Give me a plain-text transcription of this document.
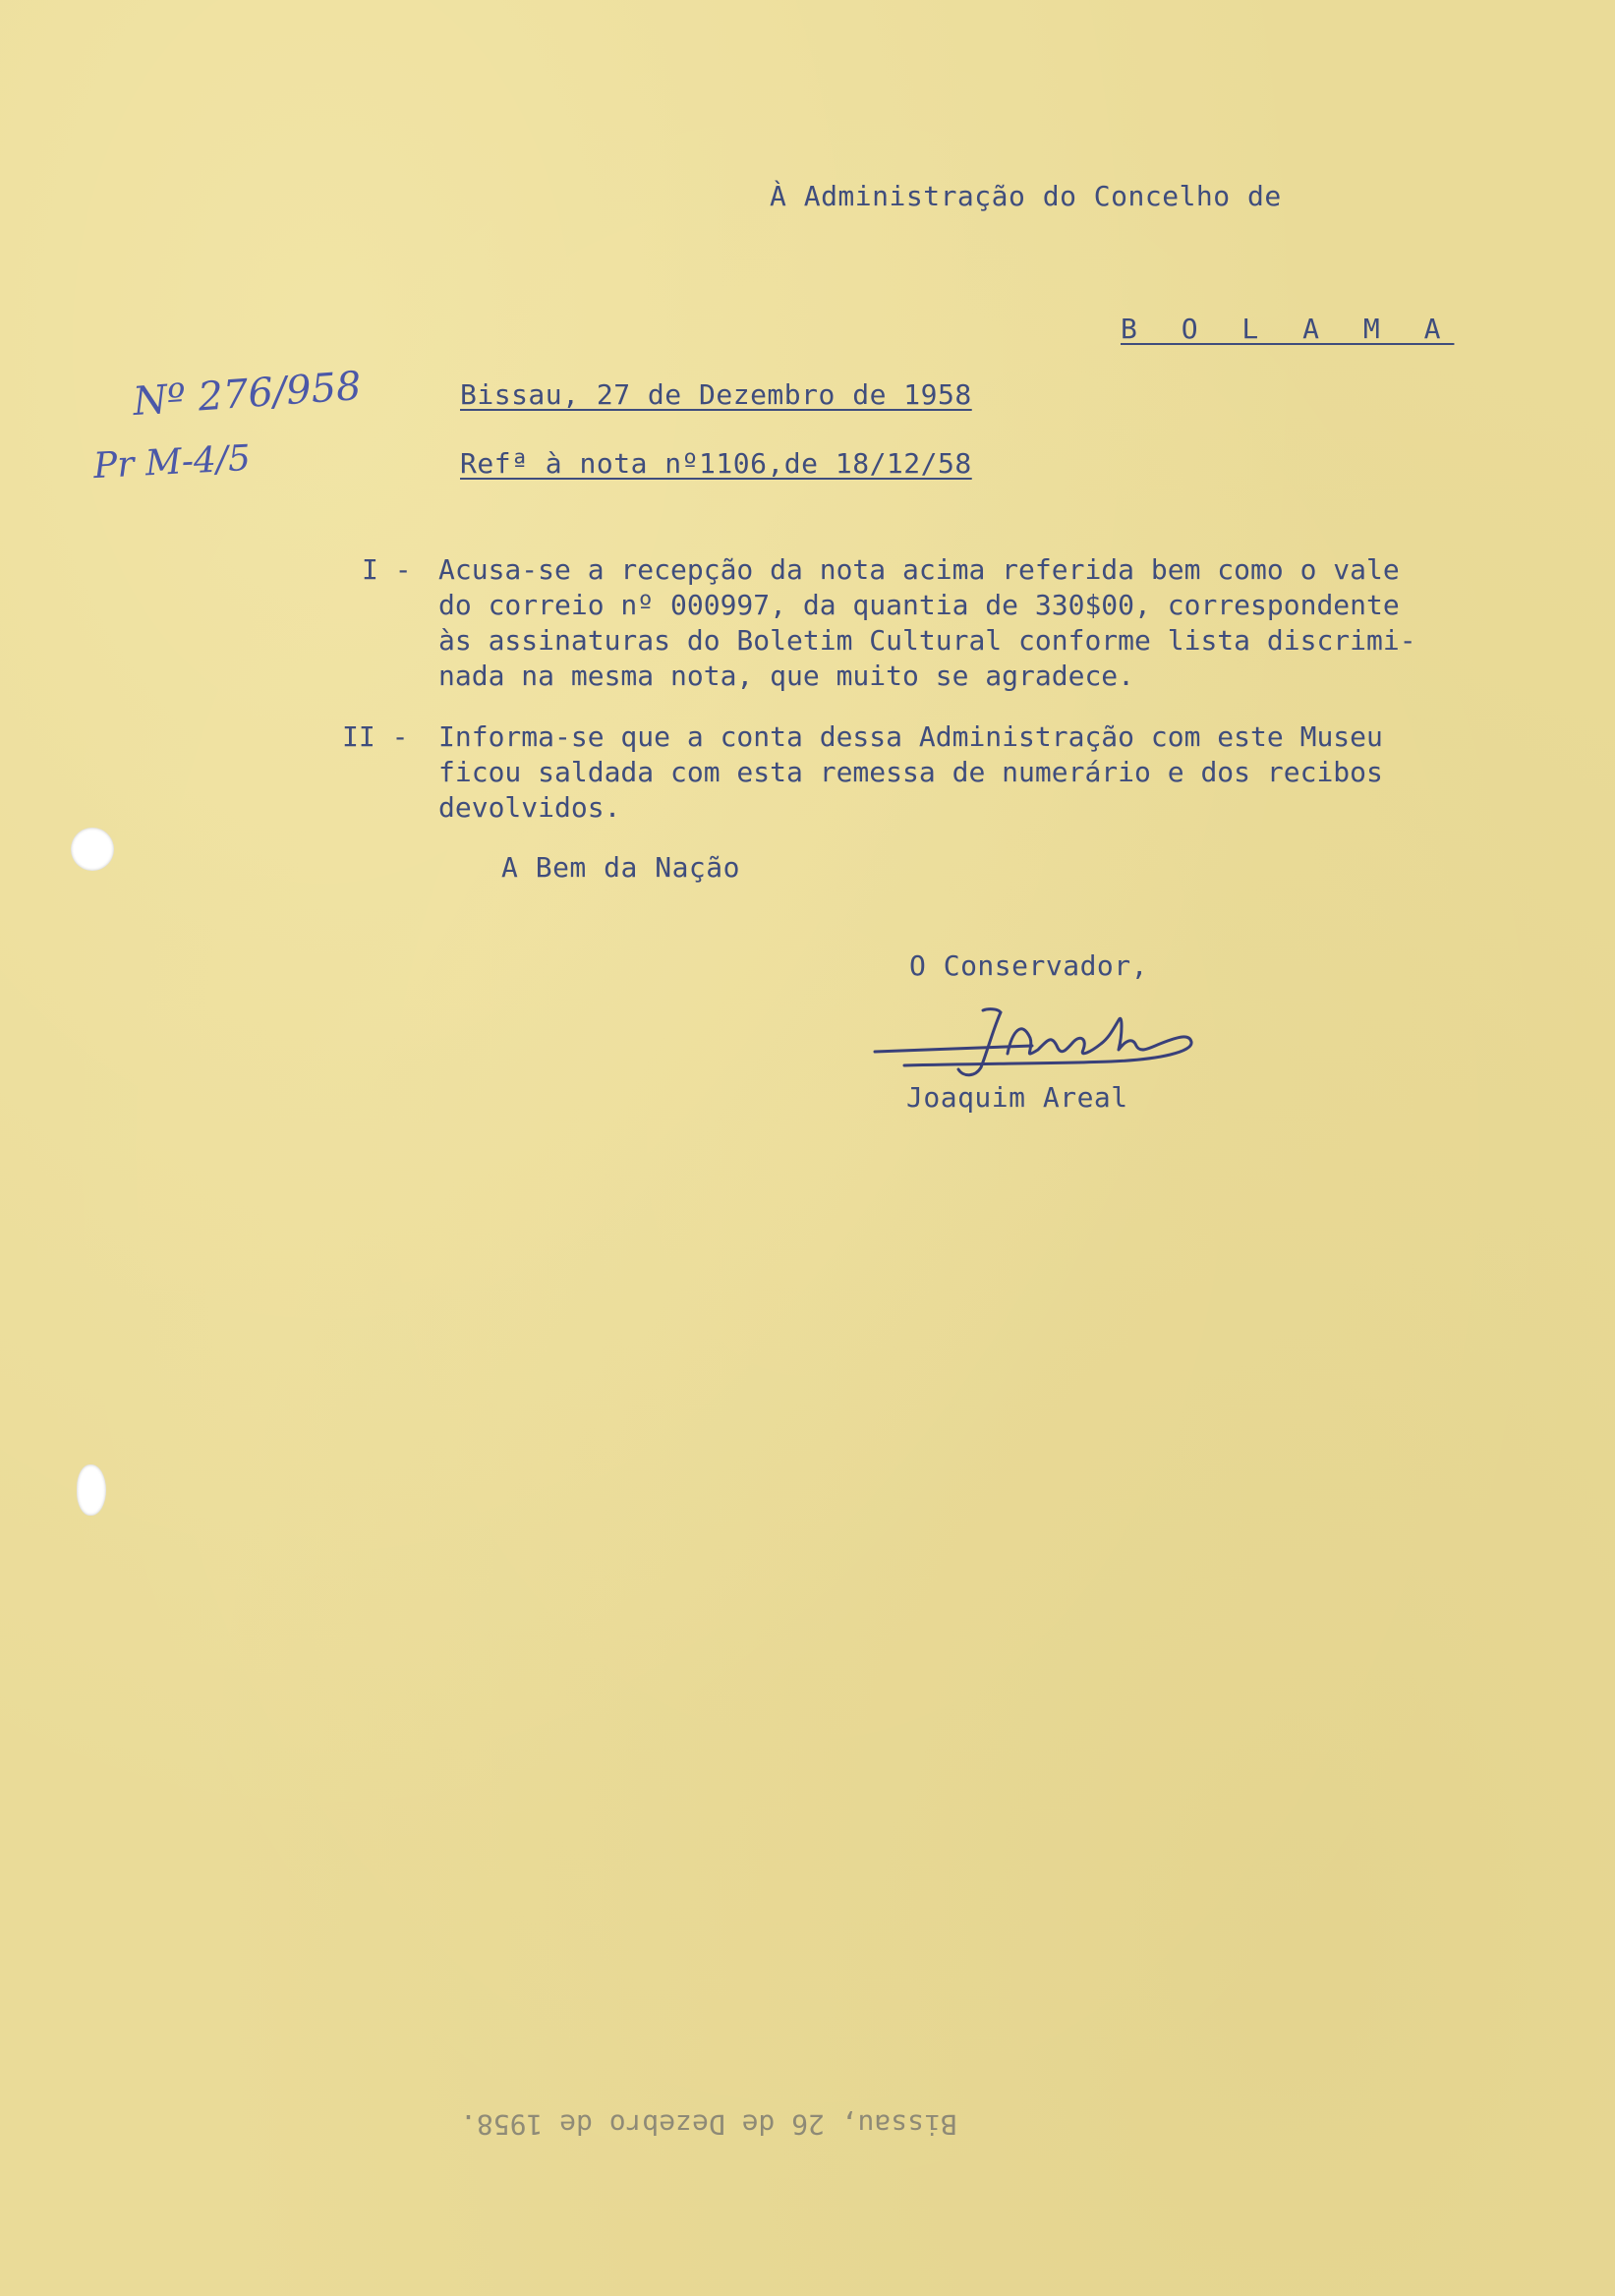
À Administração do Concelho de
B O L A M A
Nº 276/958
Pr M-4/5
Bissau, 27 de Dezembro de 1958
Refª à nota nº1106,de 18/12/58
I - Acusa-se a recepção da nota acima referida bem como o vale
do correio nº 000997, da quantia de 330$00, correspondente
às assinaturas do Boletim Cultural conforme lista discrimi-
nada na mesma nota, que muito se agradece.
II - Informa-se que a conta dessa Administração com este Museu
ficou saldada com esta remessa de numerário e dos recibos
devolvidos.
A Bem da Nação
O Conservador,
Joaquim Areal
Bissau, 26 de Dezebro de 1958.
